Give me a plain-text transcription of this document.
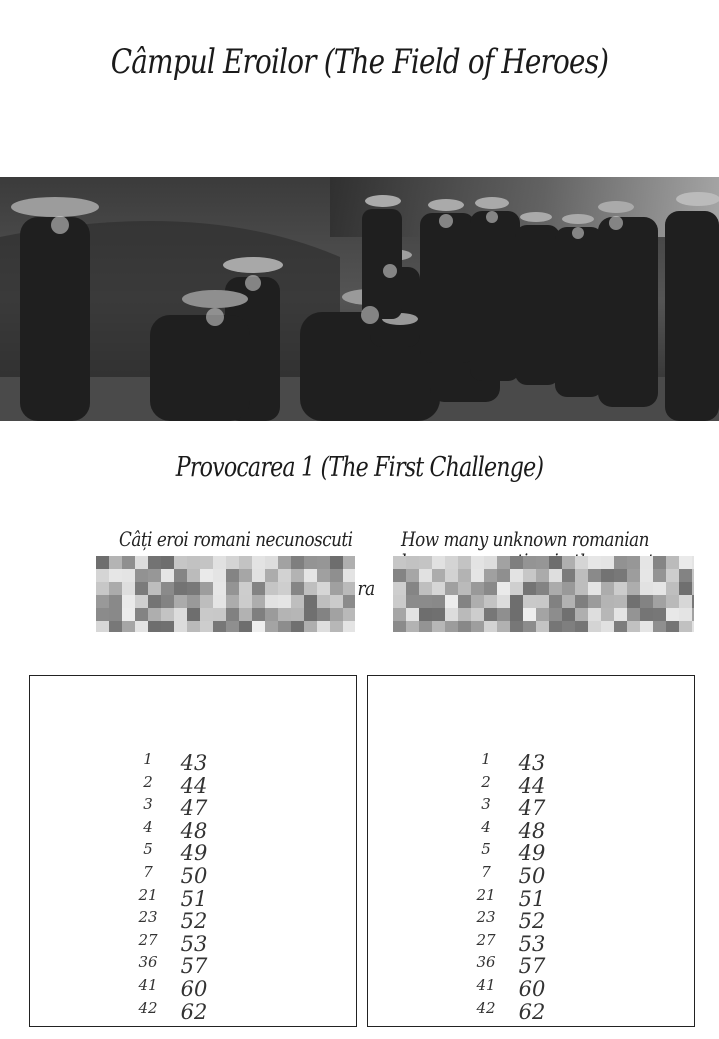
Câmpul Eroilor (The Field of Heroes)
Provocarea 1 (The First Challenge)
Câți eroi romani necunoscuti
ra
How many unknown romanian
1
2
3
4
5
7
21
23
27
36
41
42
43
44
47
48
49
50
51
52
53
57
60
62
1
2
3
4
5
7
21
23
27
36
41
42
43
44
47
48
49
50
51
52
53
57
60
62
